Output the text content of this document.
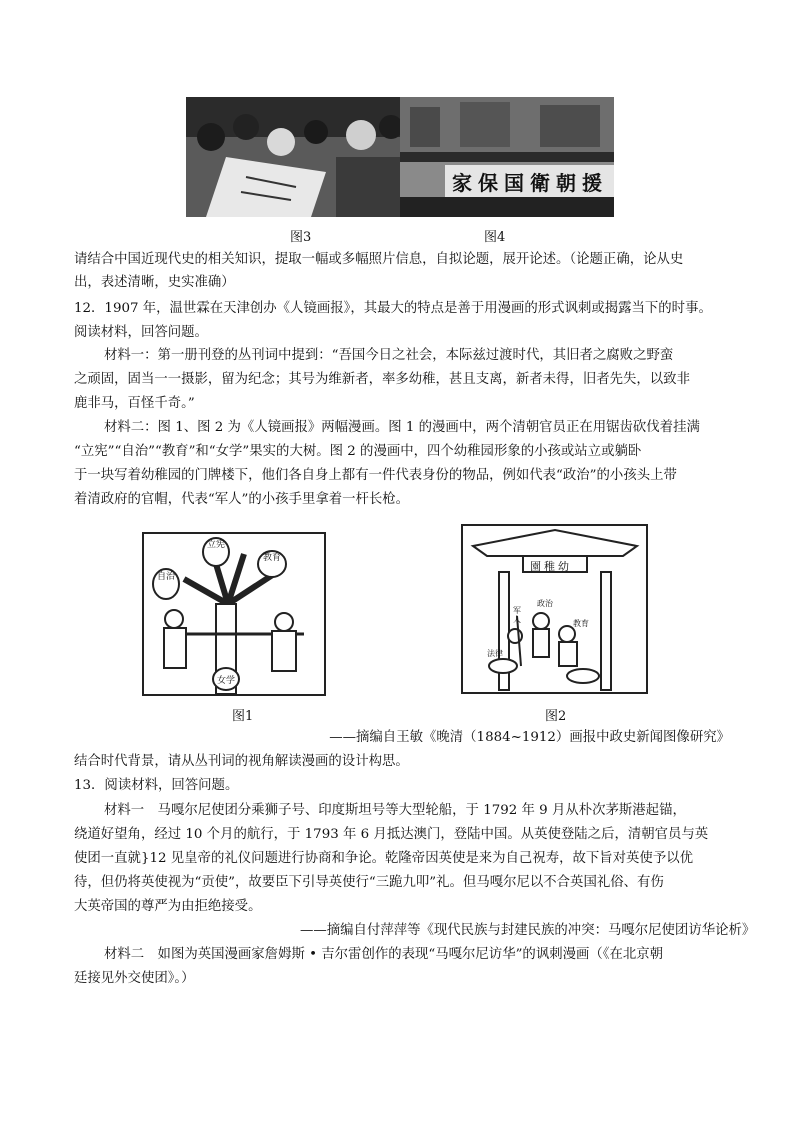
家保国衛朝援
图3	图4
请结合中国近现代史的相关知识，提取一幅或多幅照片信息，自拟论题，展开论述。（论题正确，论从史
出，表述清晰，史实准确）
12．1907 年，温世霖在天津创办《人镜画报》，其最大的特点是善于用漫画的形式讽刺或揭露当下的时事。
阅读材料，回答问题。
材料一：第一册刊登的丛刊词中提到：“吾国今日之社会，本际兹过渡时代，其旧者之腐败之野蛮
之顽固，固当一一摄影，留为纪念；其号为维新者，率多幼稚，甚且支离，新者未得，旧者先失，以致非
鹿非马，百怪千奇。”
材料二：图 1、图 2 为《人镜画报》两幅漫画。图 1 的漫画中，两个清朝官员正在用锯齿砍伐着挂满
“立宪”“自治”“教育”和“女学”果实的大树。图 2 的漫画中，四个幼稚园形象的小孩或站立或躺卧
于一块写着幼稚园的门牌楼下，他们各自身上都有一件代表身份的物品，例如代表“政治”的小孩头上带
着清政府的官帽，代表“军人”的小孩手里拿着一杆长枪。
立宪
教育
自治
女学
園稚幼
军人
政治
教育
法律
图1	图2
——摘编自王敏《晚清（1884~1912）画报中政史新闻图像研究》
结合时代背景，请从丛刊词的视角解读漫画的设计构思。
13．阅读材料，回答问题。
材料一　马嘎尔尼使团分乘狮子号、印度斯坦号等大型轮船，于 1792 年 9 月从朴次茅斯港起锚，
绕道好望角，经过 10 个月的航行，于 1793 年 6 月抵达澳门，登陆中国。从英使登陆之后，清朝官员与英
使团一直就}12 见皇帝的礼仪问题进行协商和争论。乾隆帝因英使是来为自己祝寿，故下旨对英使予以优
待，但仍将英使视为“贡使”，故要臣下引导英使行“三跪九叩”礼。但马嘎尔尼以不合英国礼俗、有伤
大英帝国的尊严为由拒绝接受。
——摘编自付萍萍等《现代民族与封建民族的冲突：马嘎尔尼使团访华论析》
材料二　如图为英国漫画家詹姆斯 • 吉尔雷创作的表现“马嘎尔尼访华”的讽刺漫画（《在北京朝
廷接见外交使团》。）
